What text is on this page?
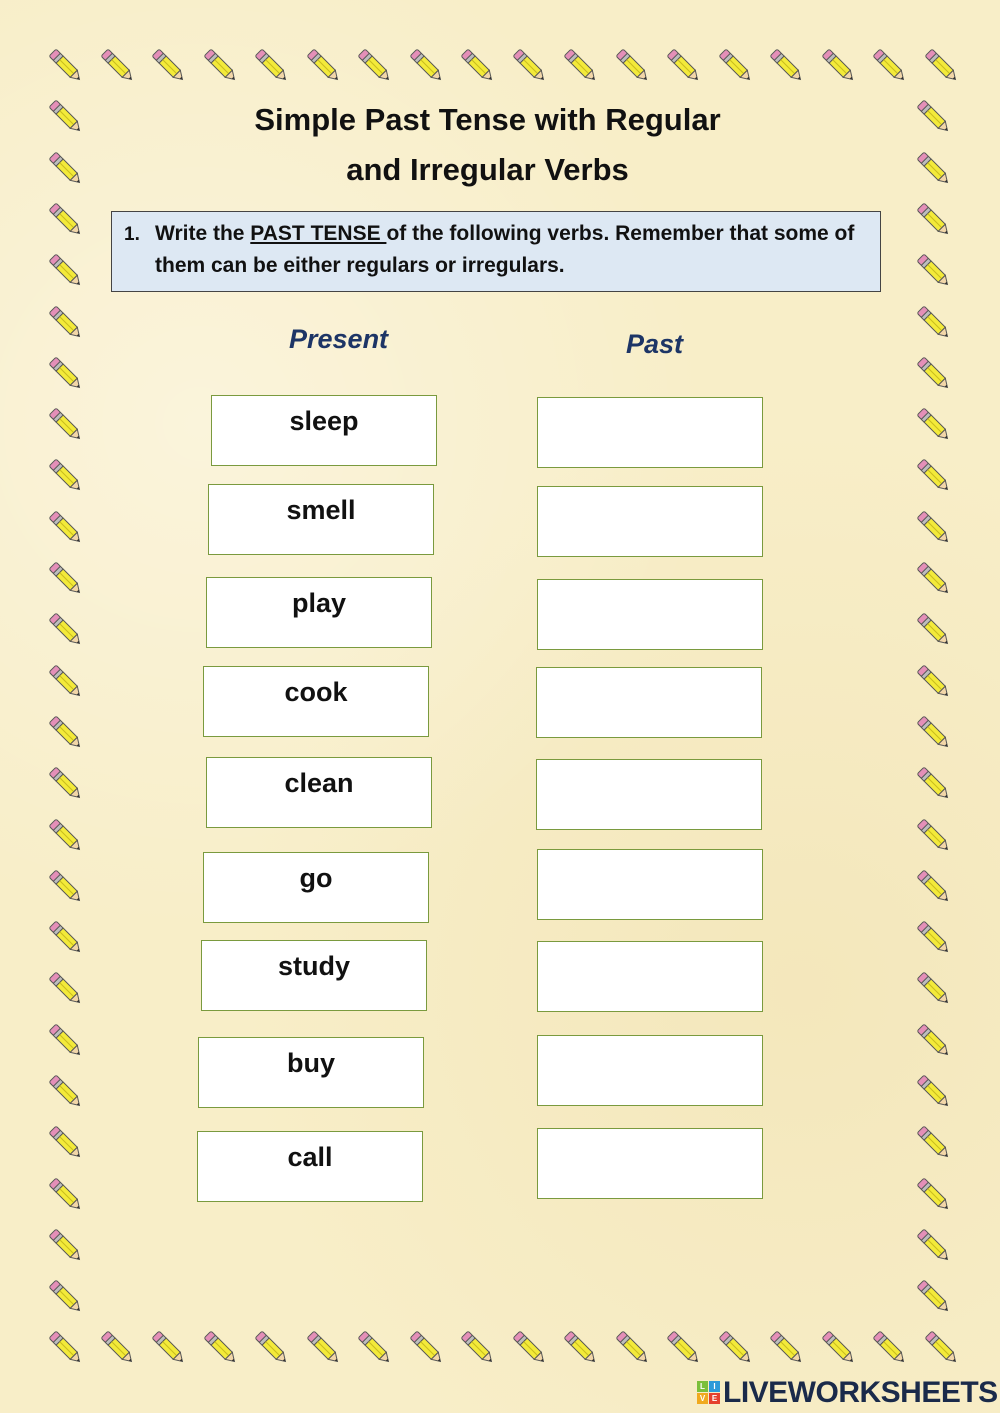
Simple Past Tense with Regular
and Irregular Verbs
1. Write the PAST TENSE of the following verbs. Remember that some of them can be either regulars or irregulars.
Present	Past
sleep
smell
play
cook
clean
go
study
buy
call
L	I
V E LIVEWORKSHEETS
